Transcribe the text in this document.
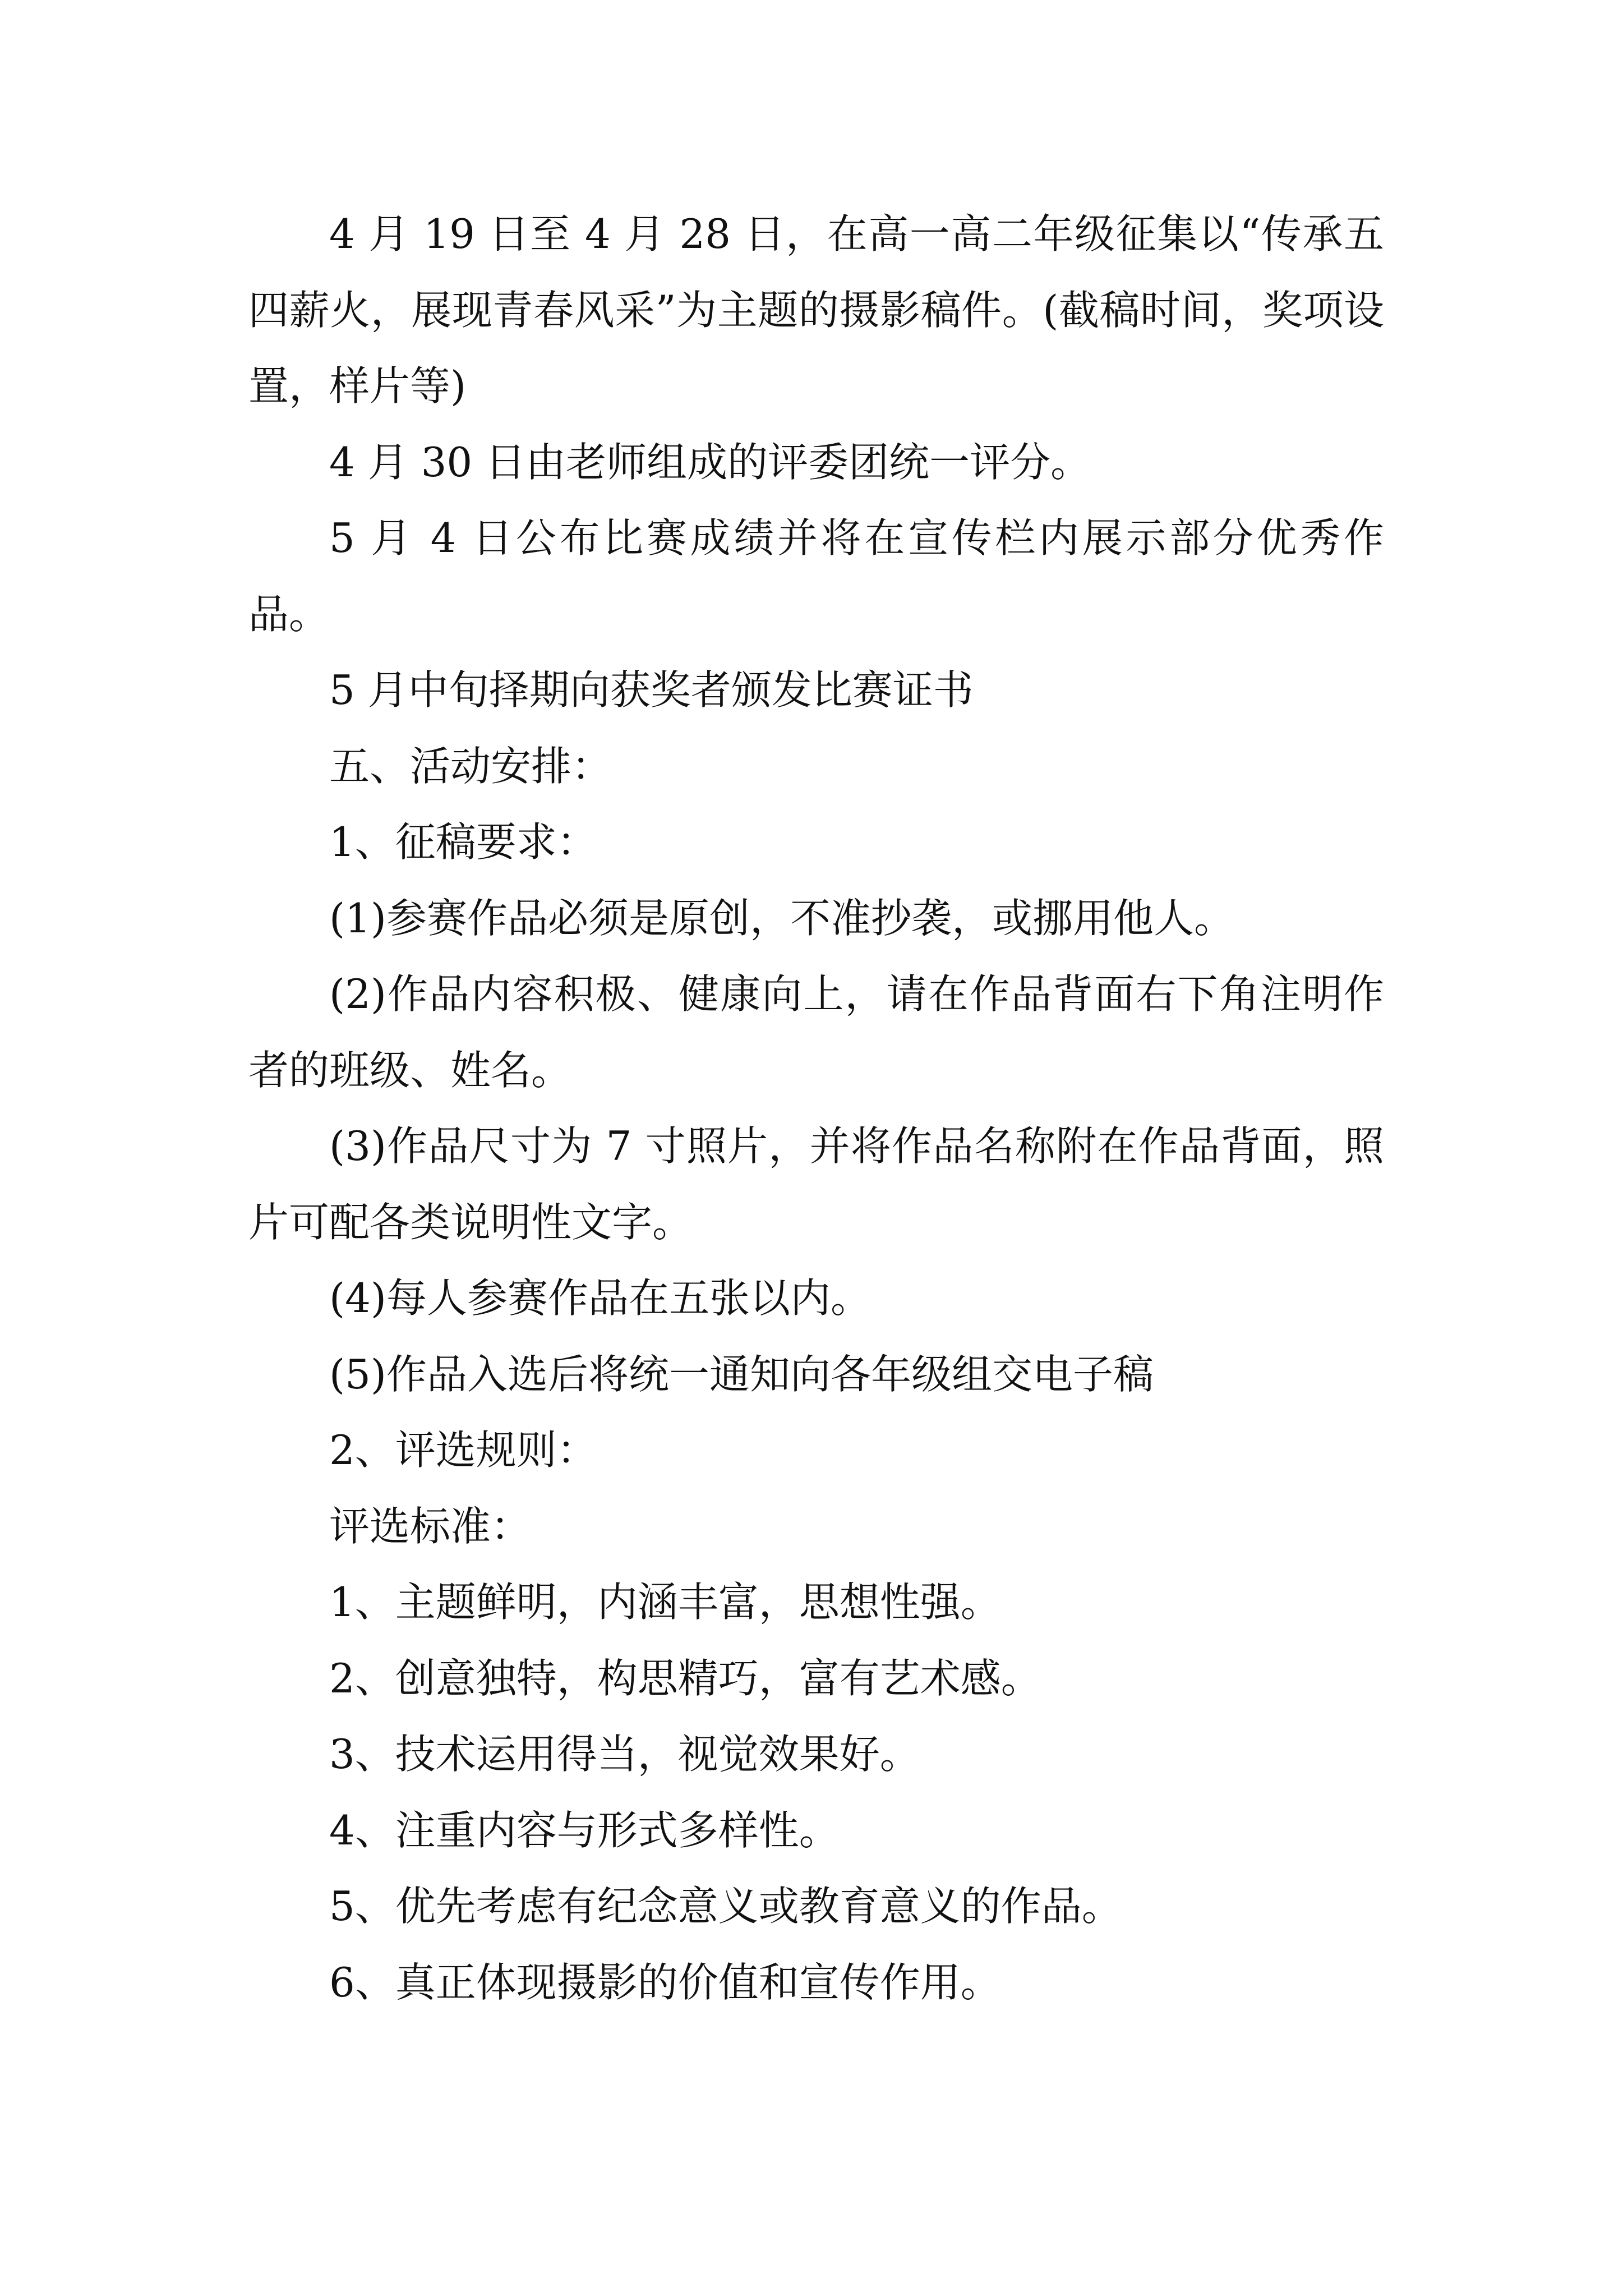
4 月 19 日至 4 月 28 日，在高一高二年级征集以“传承五四薪火，展现青春风采”为主题的摄影稿件。(截稿时间，奖项设置，样片等)

4 月 30 日由老师组成的评委团统一评分。

5 月 4 日公布比赛成绩并将在宣传栏内展示部分优秀作品。

5 月中旬择期向获奖者颁发比赛证书

五、活动安排：

1、征稿要求：

(1)参赛作品必须是原创，不准抄袭，或挪用他人。

(2)作品内容积极、健康向上，请在作品背面右下角注明作者的班级、姓名。

(3)作品尺寸为 7 寸照片，并将作品名称附在作品背面，照片可配各类说明性文字。

(4)每人参赛作品在五张以内。

(5)作品入选后将统一通知向各年级组交电子稿

2、评选规则：

评选标准：

1、主题鲜明，内涵丰富，思想性强。

2、创意独特，构思精巧，富有艺术感。

3、技术运用得当，视觉效果好。

4、注重内容与形式多样性。

5、优先考虑有纪念意义或教育意义的作品。

6、真正体现摄影的价值和宣传作用。
